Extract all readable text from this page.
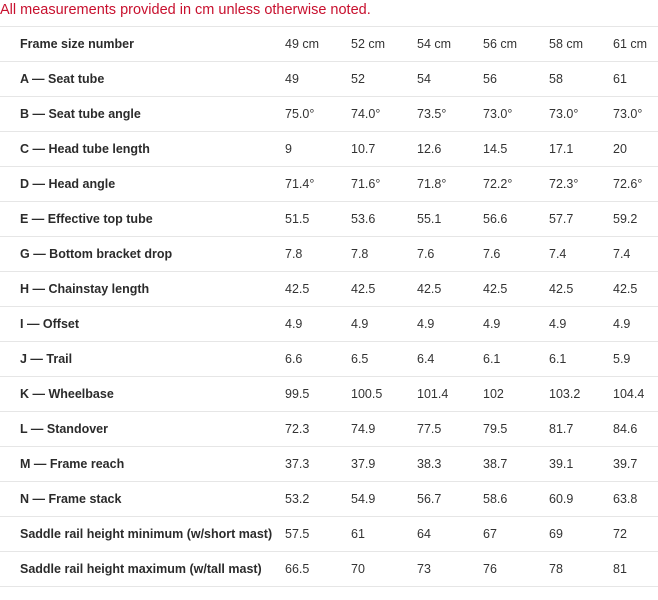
All measurements provided in cm unless otherwise noted.
Frame size number	49 cm	52 cm	54 cm	56 cm	58 cm	61 cm
A — Seat tube	49	52	54	56	58	61
B — Seat tube angle	75.0°	74.0°	73.5°	73.0°	73.0°	73.0°
C — Head tube length	9	10.7	12.6	14.5	17.1	20
D — Head angle	71.4°	71.6°	71.8°	72.2°	72.3°	72.6°
E — Effective top tube	51.5	53.6	55.1	56.6	57.7	59.2
G — Bottom bracket drop	7.8	7.8	7.6	7.6	7.4	7.4
H — Chainstay length	42.5	42.5	42.5	42.5	42.5	42.5
I — Offset	4.9	4.9	4.9	4.9	4.9	4.9
J — Trail	6.6	6.5	6.4	6.1	6.1	5.9
K — Wheelbase	99.5	100.5	101.4	102	103.2	104.4
L — Standover	72.3	74.9	77.5	79.5	81.7	84.6
M — Frame reach	37.3	37.9	38.3	38.7	39.1	39.7
N — Frame stack	53.2	54.9	56.7	58.6	60.9	63.8
Saddle rail height minimum (w/short mast)	57.5	61	64	67	69	72
Saddle rail height maximum (w/tall mast)	66.5	70	73	76	78	81
